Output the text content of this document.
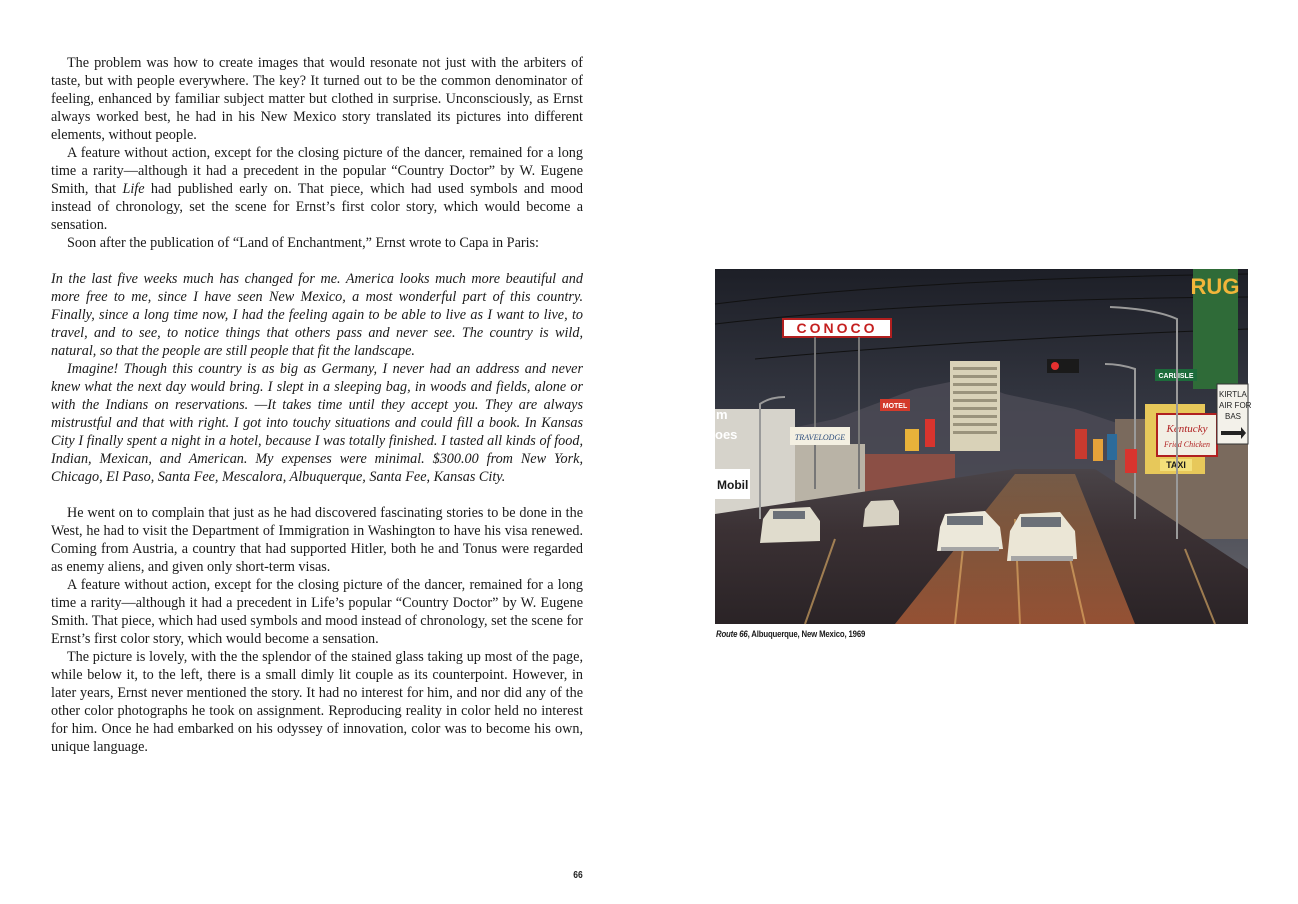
The problem was how to create images that would resonate not just with the arbiters of taste, but with people everywhere. The key? It turned out to be the common denominator of feeling, enhanced by familiar subject matter but clothed in surprise. Unconsciously, as Ernst always worked best, he had in his New Mexico story translated its pictures into different elements, without people.

A feature without action, except for the closing picture of the dancer, remained for a long time a rarity—although it had a precedent in the popular “Country Doctor” by W. Eugene Smith, that Life had published early on. That piece, which had used symbols and mood instead of chronology, set the scene for Ernst’s first color story, which would become a sensation.

Soon after the publication of “Land of Enchantment,” Ernst wrote to Capa in Paris:

In the last five weeks much has changed for me. America looks much more beautiful and more free to me, since I have seen New Mexico, a most wonderful part of this country. Finally, since a long time now, I had the feeling again to be able to live as I want to live, to travel, and to see, to notice things that others pass and never see. The country is wild, natural, so that the people are still people that fit the landscape.

Imagine! Though this country is as big as Germany, I never had an address and never knew what the next day would bring. I slept in a sleeping bag, in woods and fields, alone or with the Indians on reservations. —It takes time until they accept you. They are always mistrustful and that with right. I got into touchy situations and could fill a book. In Kansas City I finally spent a night in a hotel, because I was totally finished. I tasted all kinds of food, Indian, Mexican, and American. My expenses were minimal. $300.00 from New York, Chicago, El Paso, Santa Fee, Mescalora, Albuquerque, Santa Fee, Kansas City.

He went on to complain that just as he had discovered fascinating stories to be done in the West, he had to visit the Department of Immigration in Washington to have his visa renewed. Coming from Austria, a country that had supported Hitler, both he and Tonus were regarded as enemy aliens, and given only short-term visas.

A feature without action, except for the closing picture of the dancer, remained for a long time a rarity—although it had a precedent in Life’s popular “Country Doctor” by W. Eugene Smith. That piece, which had used symbols and mood instead of chronology, set the scene for Ernst’s first color story, which would become a sensation.

The picture is lovely, with the the splendor of the stained glass taking up most of the page, while below it, to the left, there is a small dimly lit couple as its counterpoint. However, in later years, Ernst never mentioned the story. It had no interest for him, and nor did any of the other color photographs he took on assignment. Reproducing reality in color held no interest for him. Once he had embarked on his odyssey of innovation, color was to become his own, unique language.

66
Mobil
m
oes
CONOCO
TRAVELODGE
MOTEL
RUG
CARLISLE
Kentucky
Fried Chicken
TAXI
KIRTLA
AIR FOR
BAS
Route 66, Albuquerque, New Mexico, 1969
